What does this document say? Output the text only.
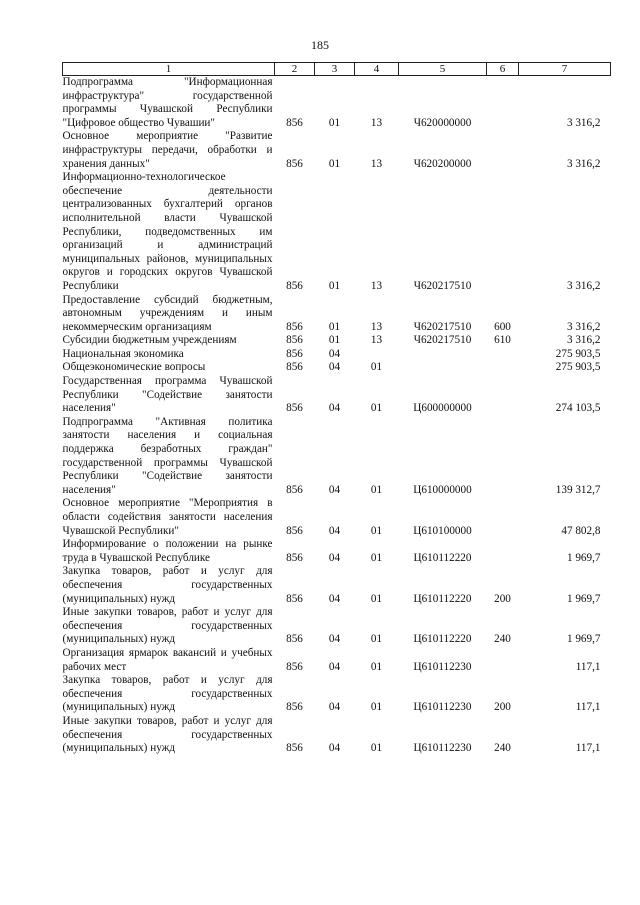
185
1	2	3	4	5	6	7
Подпрограмма "Информационная инфраструктура" государственной программы Чувашской Республики "Цифровое общество Чувашии"	856	01	13	Ч620000000		3 316,2
Основное мероприятие "Развитие инфраструктуры передачи, обработки и хранения данных"	856	01	13	Ч620200000		3 316,2
Информационно-технологическое обеспечение деятельности централизованных бухгалтерий органов исполнительной власти Чувашской Республики, подведомственных им организаций и администраций муниципальных районов, муниципальных округов и городских округов Чувашской Республики	856	01	13	Ч620217510		3 316,2
Предоставление субсидий бюджетным, автономным учреждениям и иным некоммерческим организациям	856	01	13	Ч620217510	600	3 316,2
Субсидии бюджетным учреждениям	856	01	13	Ч620217510	610	3 316,2
Национальная экономика	856	04				275 903,5
Общеэкономические вопросы	856	04	01			275 903,5
Государственная программа Чувашской Республики "Содействие занятости населения"	856	04	01	Ц600000000		274 103,5
Подпрограмма "Активная политика занятости населения и социальная поддержка безработных граждан" государственной программы Чувашской Республики "Содействие занятости населения"	856	04	01	Ц610000000		139 312,7
Основное мероприятие "Мероприятия в области содействия занятости населения Чувашской Республики"	856	04	01	Ц610100000		47 802,8
Информирование о положении на рынке труда в Чувашской Республике	856	04	01	Ц610112220		1 969,7
Закупка товаров, работ и услуг для обеспечения государственных (муниципальных) нужд	856	04	01	Ц610112220	200	1 969,7
Иные закупки товаров, работ и услуг для обеспечения государственных (муниципальных) нужд	856	04	01	Ц610112220	240	1 969,7
Организация ярмарок вакансий и учебных рабочих мест	856	04	01	Ц610112230		117,1
Закупка товаров, работ и услуг для обеспечения государственных (муниципальных) нужд	856	04	01	Ц610112230	200	117,1
Иные закупки товаров, работ и услуг для обеспечения государственных (муниципальных) нужд	856	04	01	Ц610112230	240	117,1
